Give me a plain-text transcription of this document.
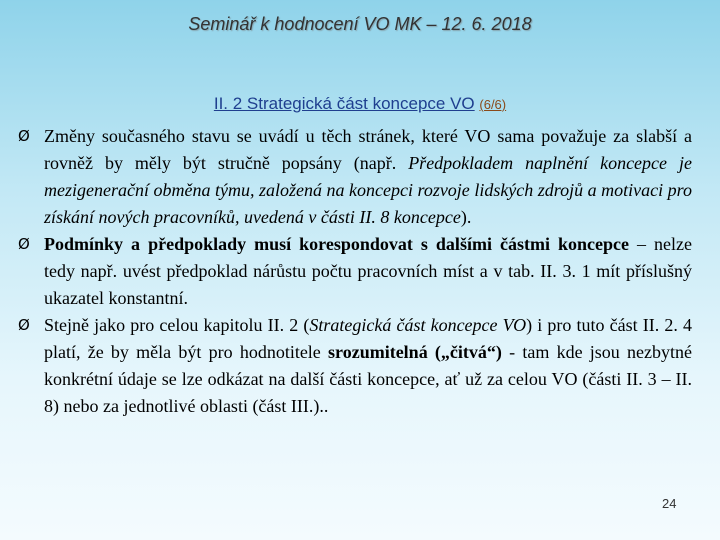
Seminář k hodnocení VO MK – 12. 6. 2018
II. 2 Strategická část koncepce VO (6/6)
Ø Změny současného stavu se uvádí u těch stránek, které VO sama považuje za slabší a rovněž by měly být stručně popsány (např. Předpokladem naplnění koncepce je mezigenerační obměna týmu, založená na koncepci rozvoje lidských zdrojů a motivaci pro získání nových pracovníků, uvedená v části II. 8 koncepce).
Ø Podmínky a předpoklady musí korespondovat s dalšími částmi koncepce – nelze tedy např. uvést předpoklad nárůstu počtu pracovních míst a v tab. II. 3. 1 mít příslušný ukazatel konstantní.
Ø Stejně jako pro celou kapitolu II. 2 (Strategická část koncepce VO) i pro tuto část II. 2. 4 platí, že by měla být pro hodnotitele srozumitelná („čitvá“) - tam kde jsou nezbytné konkrétní údaje se lze odkázat na další části koncepce, ať už za celou VO (části II. 3 – II. 8) nebo za jednotlivé oblasti (část III.)..
24
